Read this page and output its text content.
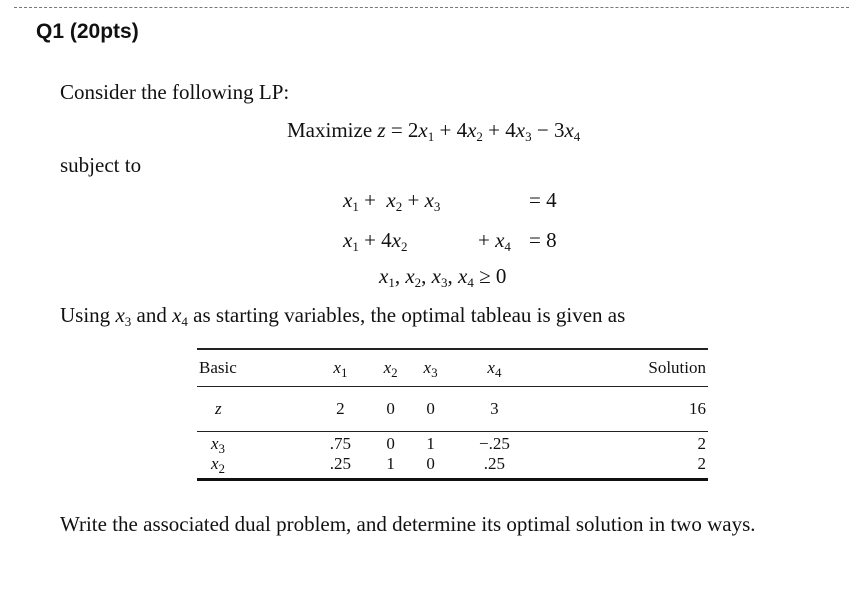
Q1 (20pts)
Consider the following LP:
Maximize $z = 2x_1 + 4x_2 + 4x_3 - 3x_4$
subject to
$x_1 + x_2 + x_3$	= 4
$x_1 + 4x_2$	+ $x_4 = 8$
$x_1$, $x_2$, $x_3$, $x_4 \ge 0$
Using $x_3$ and $x_4$ as starting variables, the optimal tableau is given as
Basic	$x_1$	$x_2$	$x_3$	$x_4$	Solution
z	2	0	0	3	16
$x_3$	.75	0	1	−.25	2
$x_2$	.25	1	0	.25	2
Write the associated dual problem, and determine its optimal solution in two ways.
